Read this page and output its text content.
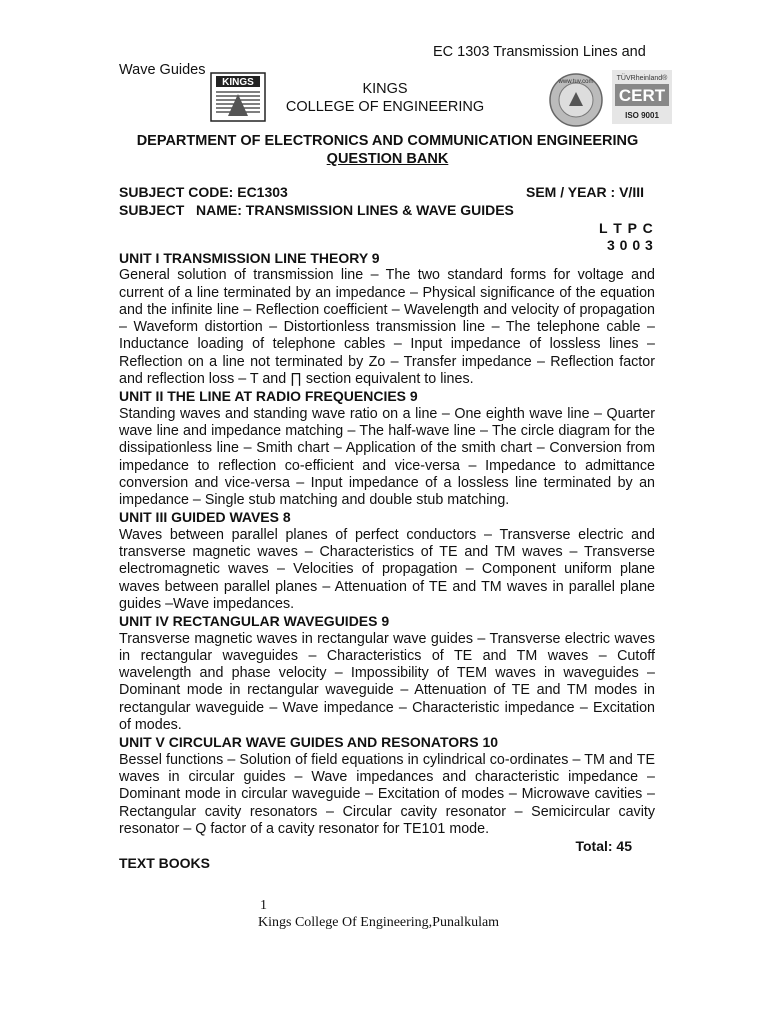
EC 1303 Transmission Lines and
Wave Guides
KINGS	KINGS
COLLEGE OF ENGINEERING
www.tuv.com	TÜVRheinland®
CERT
ISO 9001
DEPARTMENT OF ELECTRONICS AND COMMUNICATION ENGINEERING
QUESTION BANK
SUBJECT CODE: EC1303	SEM / YEAR : V/III
SUBJECT   NAME: TRANSMISSION LINES & WAVE GUIDES
L T P C
3 0 0 3
UNIT I TRANSMISSION LINE THEORY 9

General solution of transmission line – The two standard forms for voltage and current of a line terminated by an impedance – Physical significance of the equation and the infinite line – Reflection coefficient – Wavelength and velocity of propagation – Waveform distortion – Distortionless transmission line – The telephone cable – Inductance loading of telephone cables – Input impedance of lossless lines – Reflection on a line not terminated by Zo – Transfer impedance – Reflection factor and reflection loss – T and ∏ section equivalent to lines.

UNIT II THE LINE AT RADIO FREQUENCIES 9

Standing waves and standing wave ratio on a line – One eighth wave line – Quarter wave line and impedance matching – The half-wave line – The circle diagram for the dissipationless line – Smith chart – Application of the smith chart – Conversion from impedance to reflection co-efficient and vice-versa – Impedance to admittance conversion and vice-versa – Input impedance of a lossless line terminated by an impedance – Single stub matching and double stub matching.

UNIT III GUIDED WAVES 8

Waves between parallel planes of perfect conductors – Transverse electric and transverse magnetic waves – Characteristics of TE and TM waves – Transverse electromagnetic waves – Velocities of propagation – Component uniform plane waves between parallel planes – Attenuation of TE and TM waves in parallel plane guides –Wave impedances.

UNIT IV RECTANGULAR WAVEGUIDES 9

Transverse magnetic waves in rectangular wave guides – Transverse electric waves in rectangular waveguides – Characteristics of TE and TM waves – Cutoff wavelength and phase velocity – Impossibility of TEM waves in waveguides – Dominant mode in rectangular waveguide – Attenuation of TE and TM modes in rectangular waveguide – Wave impedance – Characteristic impedance – Excitation of modes.

UNIT V CIRCULAR WAVE GUIDES AND RESONATORS 10

Bessel functions – Solution of field equations in cylindrical co-ordinates – TM and TE waves in circular guides – Wave impedances and characteristic impedance – Dominant mode in circular waveguide – Excitation of modes – Microwave cavities – Rectangular cavity resonators – Circular cavity resonator – Semicircular cavity resonator – Q factor of a cavity resonator for TE101 mode.

Total: 45
TEXT BOOKS
1
Kings College Of Engineering,Punalkulam
